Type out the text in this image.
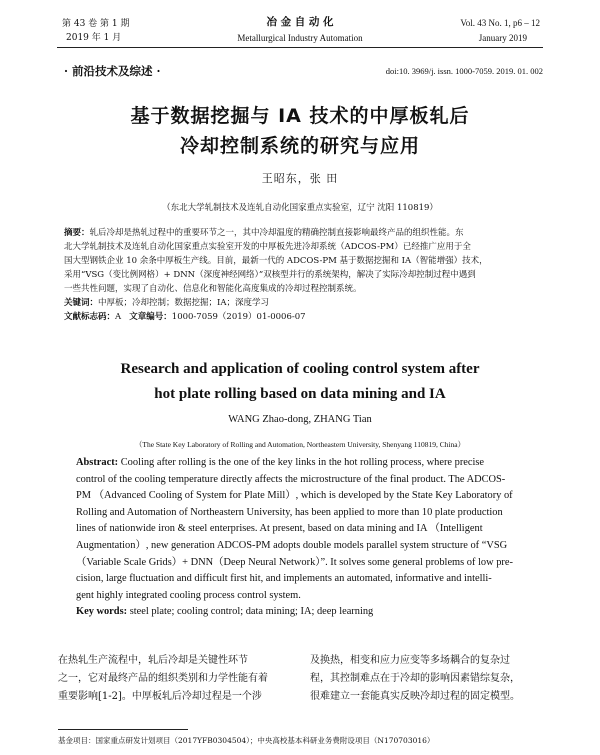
第 43 卷 第 1 期
2019 年 1 月
冶 金 自 动 化
Metallurgical Industry Automation
Vol. 43 No. 1, p6 – 12
January 2019
· 前沿技术及综述 ·	doi:10. 3969/j. issn. 1000-7059. 2019. 01. 002
基于数据挖掘与 IA 技术的中厚板轧后
冷却控制系统的研究与应用
王昭东，张 田
（东北大学轧制技术及连轧自动化国家重点实验室，辽宁 沈阳 110819）
摘要：轧后冷却是热轧过程中的重要环节之一，其中冷却温度的精确控制直接影响最终产品的组织性能。东
北大学轧制技术及连轧自动化国家重点实验室开发的中厚板先进冷却系统（ADCOS-PM）已经推广应用于全
国大型钢铁企业 10 余条中厚板生产线。目前，最新一代的 ADCOS-PM 基于数据挖掘和 IA（智能增强）技术，
采用“VSG（变比例网格）+ DNN（深度神经网络）”双核型并行的系统架构，解决了实际冷却控制过程中遇到
一些共性问题，实现了自动化、信息化和智能化高度集成的冷却过程控制系统。
关键词：中厚板；冷却控制；数据挖掘；IA；深度学习
文献标志码：A 文章编号：1000-7059（2019）01-0006-07
Research and application of cooling control system after
hot plate rolling based on data mining and IA
WANG Zhao-dong, ZHANG Tian
（The State Key Laboratory of Rolling and Automation, Northeastern University, Shenyang 110819, China）
Abstract: Cooling after rolling is the one of the key links in the hot rolling process, where precise
control of the cooling temperature directly affects the microstructure of the final product. The ADCOS-
PM （Advanced Cooling of System for Plate Mill）, which is developed by the State Key Laboratory of
Rolling and Automation of Northeastern University, has been applied to more than 10 plate production
lines of nationwide iron & steel enterprises. At present, based on data mining and IA （Intelligent
Augmentation）, new generation ADCOS-PM adopts double models parallel system structure of “VSG
（Variable Scale Grids）+ DNN（Deep Neural Network）”. It solves some general problems of low pre-
cision, large fluctuation and difficult first hit, and implements an automated, informative and intelli-
gent highly integrated cooling process control system.
Key words: steel plate; cooling control; data mining; IA; deep learning
在热轧生产流程中，轧后冷却是关键性环节
之一，它对最终产品的组织类别和力学性能有着
重要影响[1-2]。中厚板轧后冷却过程是一个涉
及换热，相变和应力应变等多场耦合的复杂过
程，其控制难点在于冷却的影响因素错综复杂，
很难建立一套能真实反映冷却过程的固定模型。
基金项目：国家重点研发计划项目（2017YFB0304504）；中央高校基本科研业务费附设项目（N170703016）
